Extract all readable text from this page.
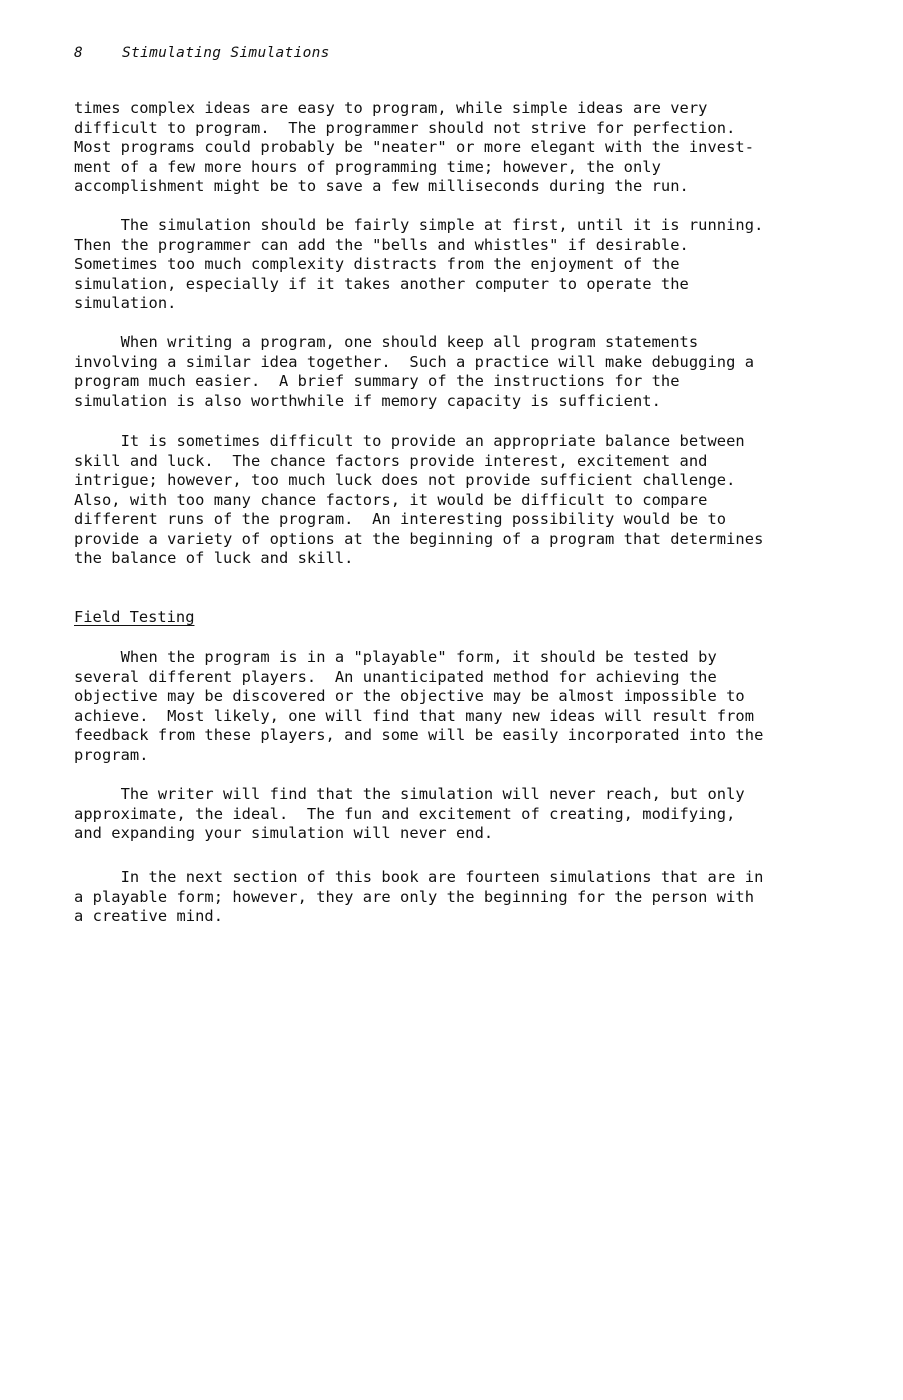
8	Stimulating Simulations
times complex ideas are easy to program, while simple ideas are very
difficult to program.  The programmer should not strive for perfection.
Most programs could probably be "neater" or more elegant with the invest-
ment of a few more hours of programming time; however, the only
accomplishment might be to save a few milliseconds during the run.
The simulation should be fairly simple at first, until it is running.
Then the programmer can add the "bells and whistles" if desirable.
Sometimes too much complexity distracts from the enjoyment of the
simulation, especially if it takes another computer to operate the
simulation.
When writing a program, one should keep all program statements
involving a similar idea together.  Such a practice will make debugging a
program much easier.  A brief summary of the instructions for the
simulation is also worthwhile if memory capacity is sufficient.
It is sometimes difficult to provide an appropriate balance between
skill and luck.  The chance factors provide interest, excitement and
intrigue; however, too much luck does not provide sufficient challenge.
Also, with too many chance factors, it would be difficult to compare
different runs of the program.  An interesting possibility would be to
provide a variety of options at the beginning of a program that determines
the balance of luck and skill.
Field Testing
When the program is in a "playable" form, it should be tested by
several different players.  An unanticipated method for achieving the
objective may be discovered or the objective may be almost impossible to
achieve.  Most likely, one will find that many new ideas will result from
feedback from these players, and some will be easily incorporated into the
program.
The writer will find that the simulation will never reach, but only
approximate, the ideal.  The fun and excitement of creating, modifying,
and expanding your simulation will never end.
In the next section of this book are fourteen simulations that are in
a playable form; however, they are only the beginning for the person with
a creative mind.
